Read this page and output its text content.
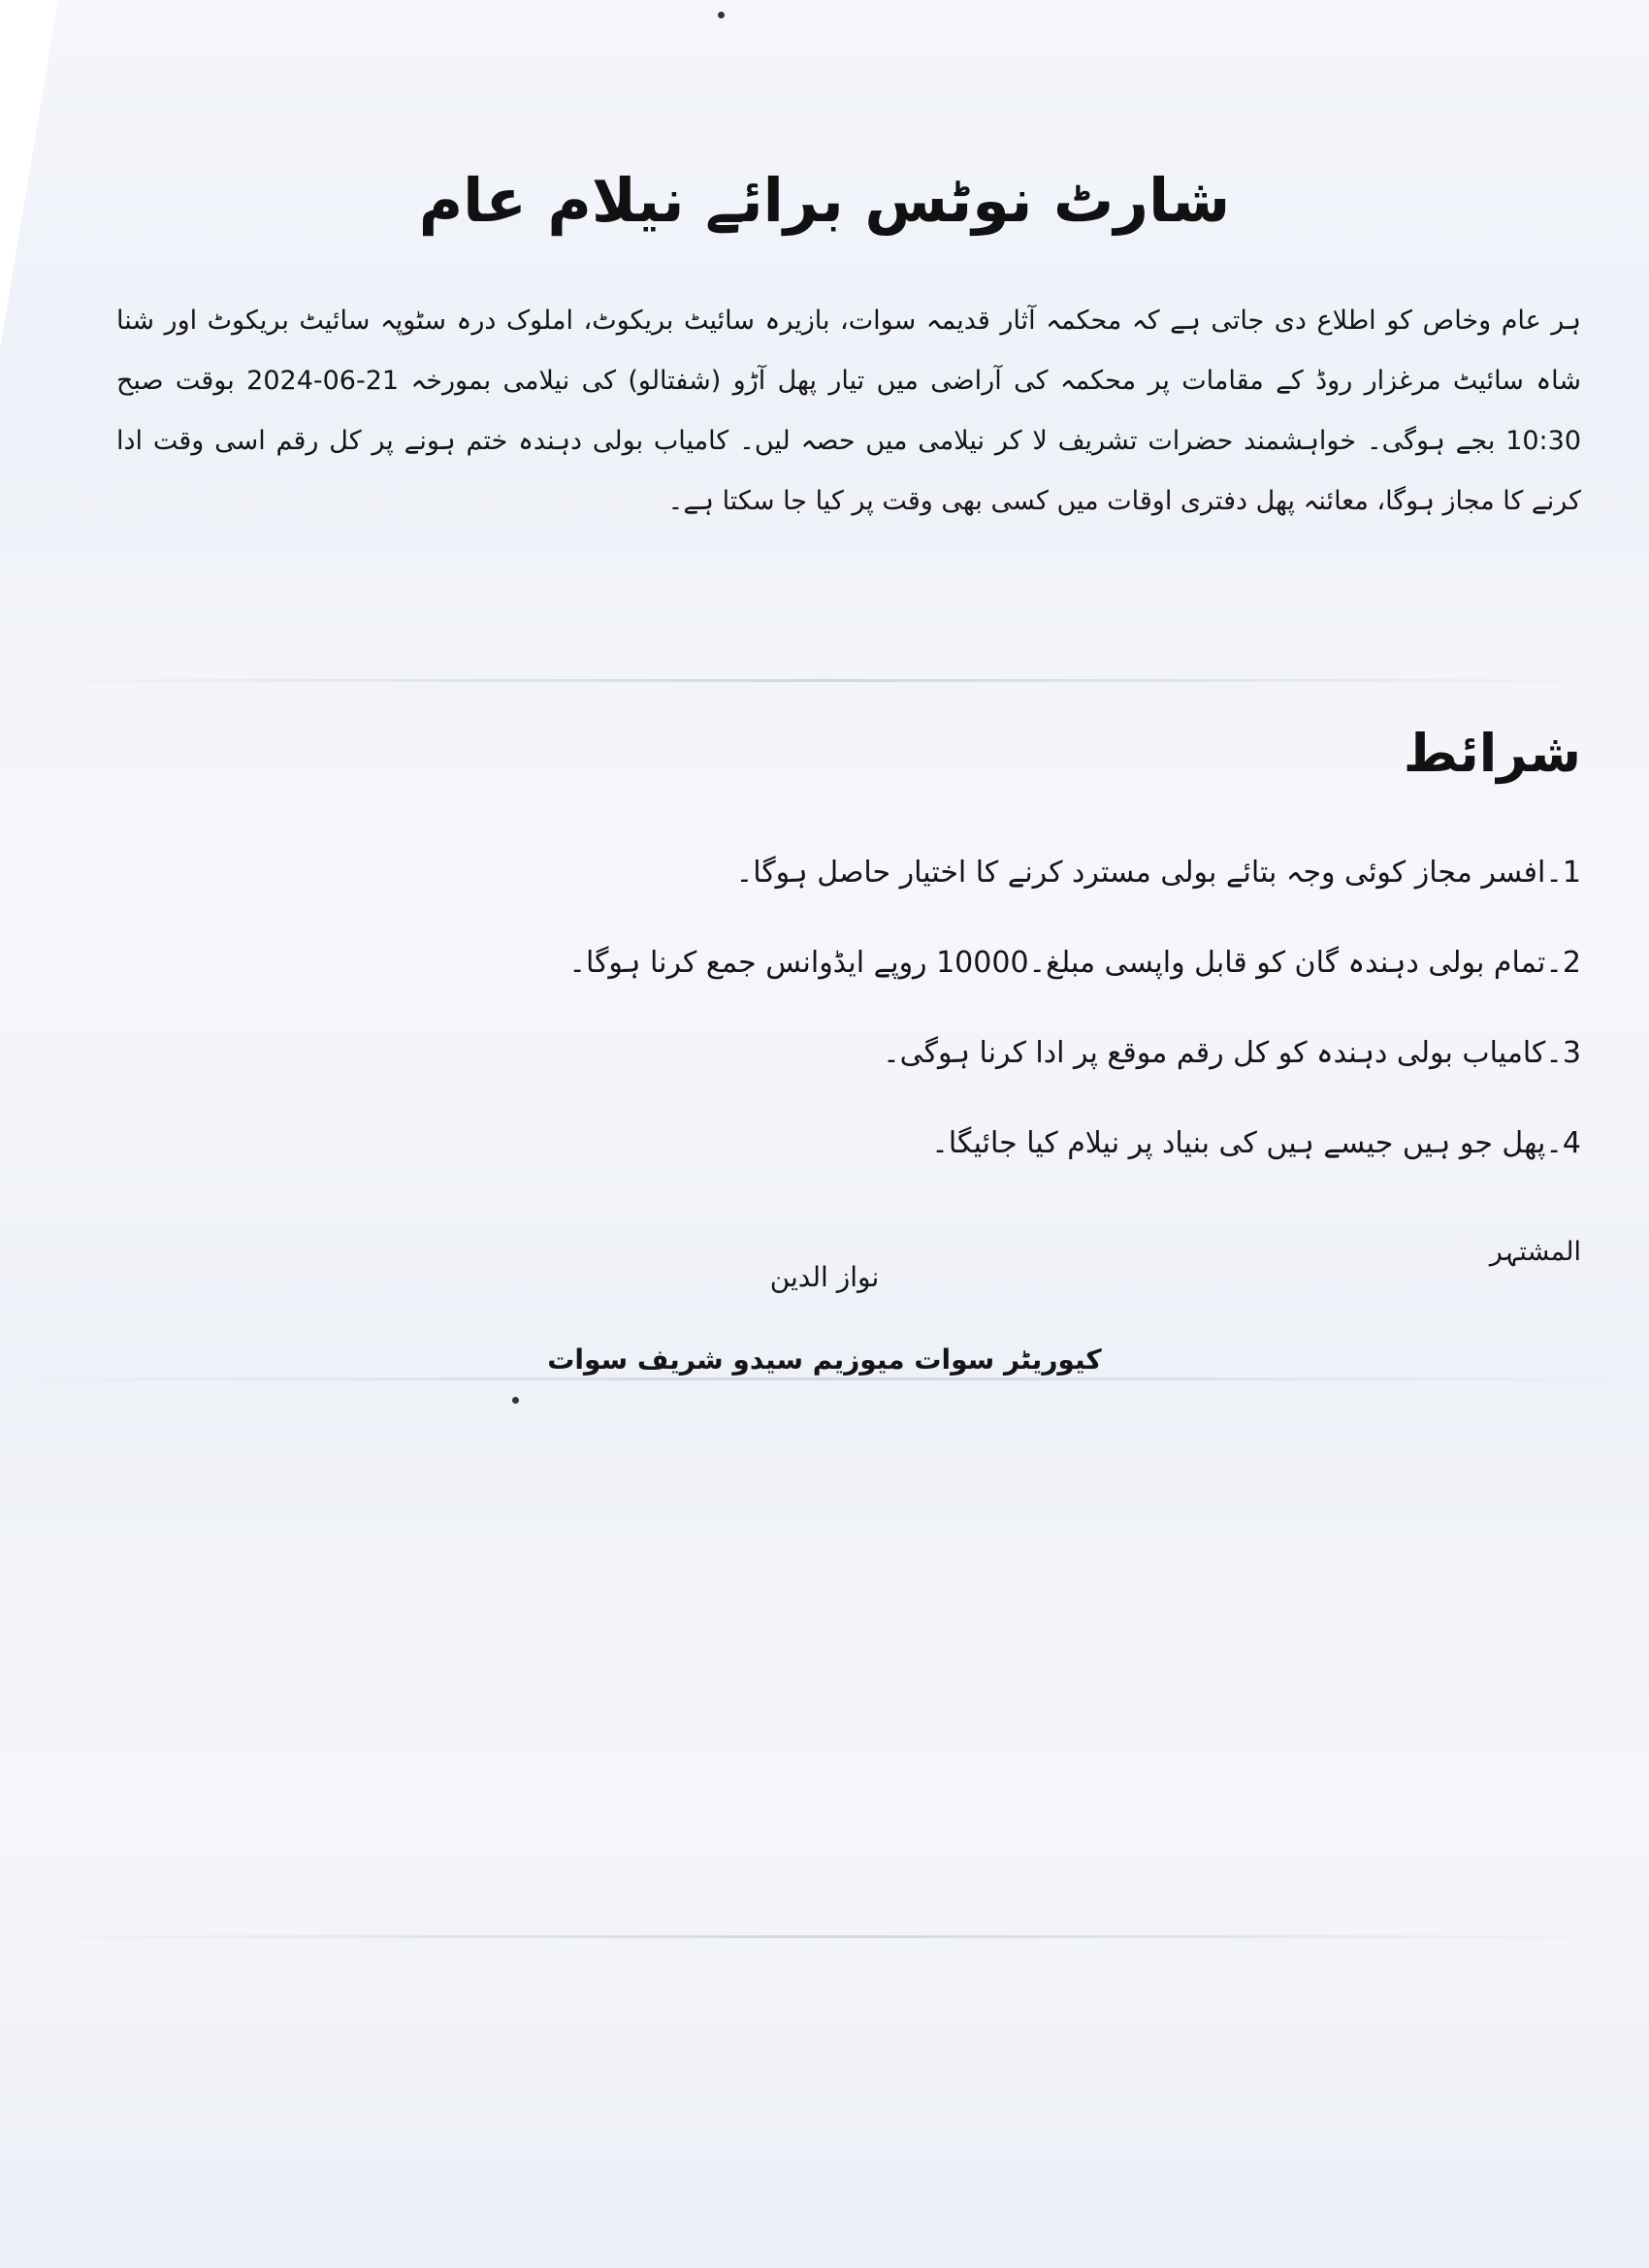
شارٹ نوٹس برائے نیلام عام
ہر عام وخاص کو اطلاع دی جاتی ہے کہ محکمہ آثار قدیمہ سوات، بازیرہ سائیٹ بریکوٹ، املوک درہ سٹوپہ سائیٹ بریکوٹ اور شنا شاہ سائیٹ مرغزار روڈ کے مقامات پر محکمہ کی آراضی میں تیار پھل آڑو (شفتالو) کی نیلامی بمورخہ 21-06-2024 بوقت صبح 10:30 بجے ہوگی۔ خواہشمند حضرات تشریف لا کر نیلامی میں حصہ لیں۔ کامیاب بولی دہندہ ختم ہونے پر کل رقم اسی وقت ادا کرنے کا مجاز ہوگا، معائنہ پھل دفتری اوقات میں کسی بھی وقت پر کیا جا سکتا ہے۔
شرائط
1۔افسر مجاز کوئی وجہ بتائے بولی مسترد کرنے کا اختیار حاصل ہوگا۔
2۔تمام بولی دہندہ گان کو قابل واپسی مبلغ۔10000 روپے ایڈوانس جمع کرنا ہوگا۔
3۔کامیاب بولی دہندہ کو کل رقم موقع پر ادا کرنا ہوگی۔
4۔پھل جو ہیں جیسے ہیں کی بنیاد پر نیلام کیا جائیگا۔
المشتہر
نواز الدین
کیوریٹر سوات میوزیم سیدو شریف سوات
